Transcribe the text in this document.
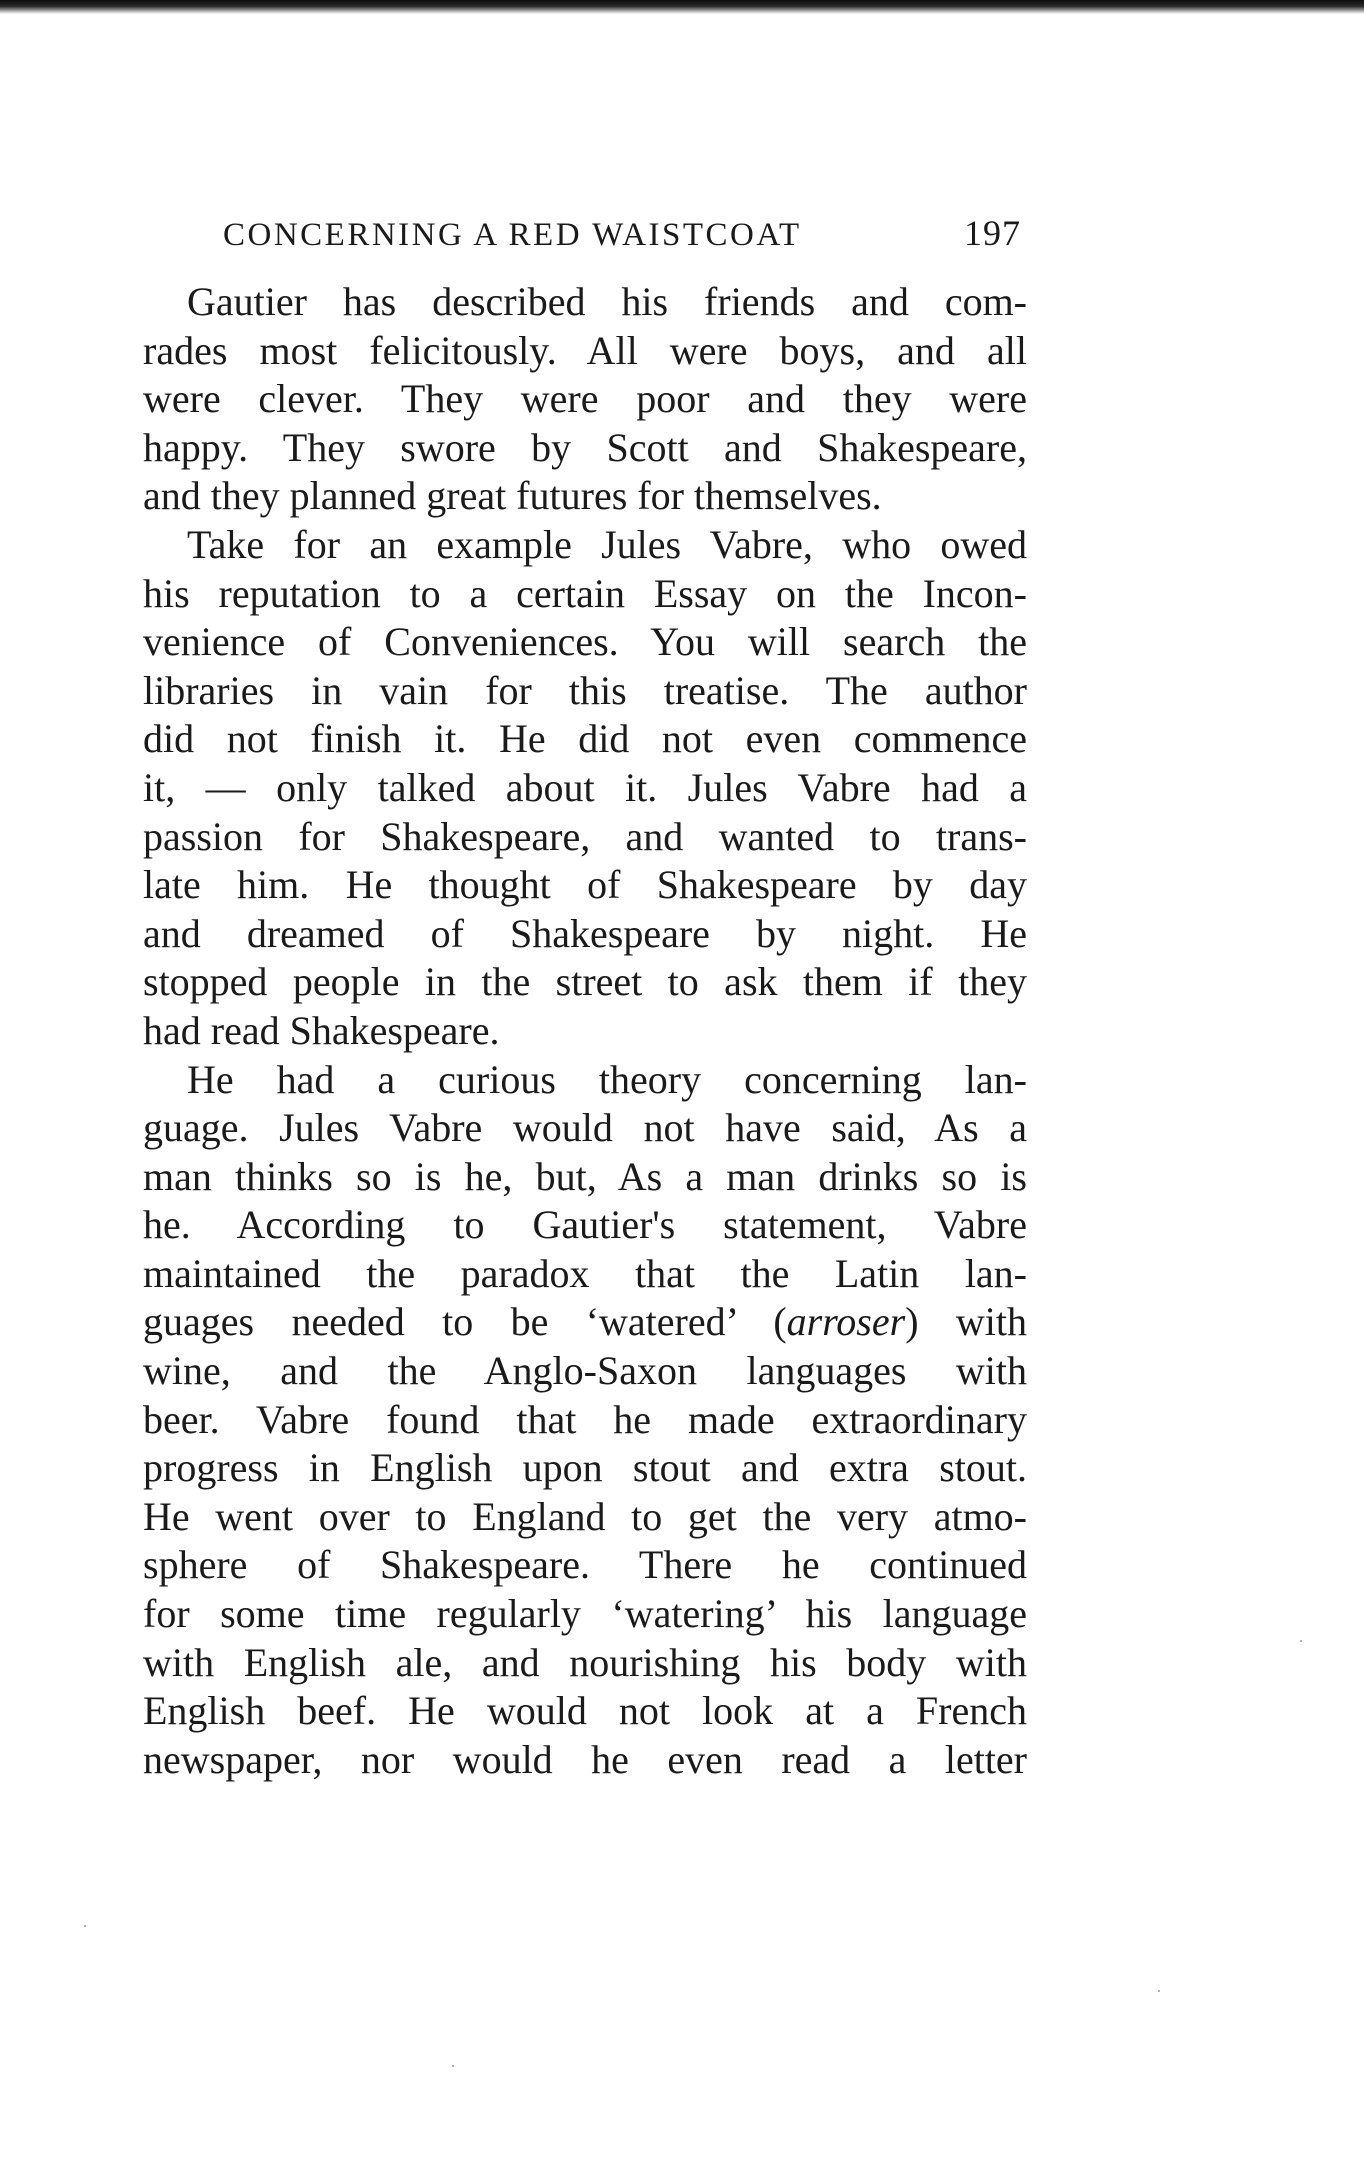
CONCERNING A RED WAISTCOAT	197
Gautier has described his friends and com-
rades most felicitously. All were boys, and all
were clever. They were poor and they were
happy. They swore by Scott and Shakespeare,
and they planned great futures for themselves.
Take for an example Jules Vabre, who owed
his reputation to a certain Essay on the Incon-
venience of Conveniences. You will search the
libraries in vain for this treatise. The author
did not finish it. He did not even commence
it, — only talked about it. Jules Vabre had a
passion for Shakespeare, and wanted to trans-
late him. He thought of Shakespeare by day
and dreamed of Shakespeare by night. He
stopped people in the street to ask them if they
had read Shakespeare.
He had a curious theory concerning lan-
guage. Jules Vabre would not have said, As a
man thinks so is he, but, As a man drinks so is
he. According to Gautier's statement, Vabre
maintained the paradox that the Latin lan-
guages needed to be ‘watered’ (arroser) with
wine, and the Anglo-Saxon languages with
beer. Vabre found that he made extraordinary
progress in English upon stout and extra stout.
He went over to England to get the very atmo-
sphere of Shakespeare. There he continued
for some time regularly ‘watering’ his language
with English ale, and nourishing his body with
English beef. He would not look at a French
newspaper, nor would he even read a letter
